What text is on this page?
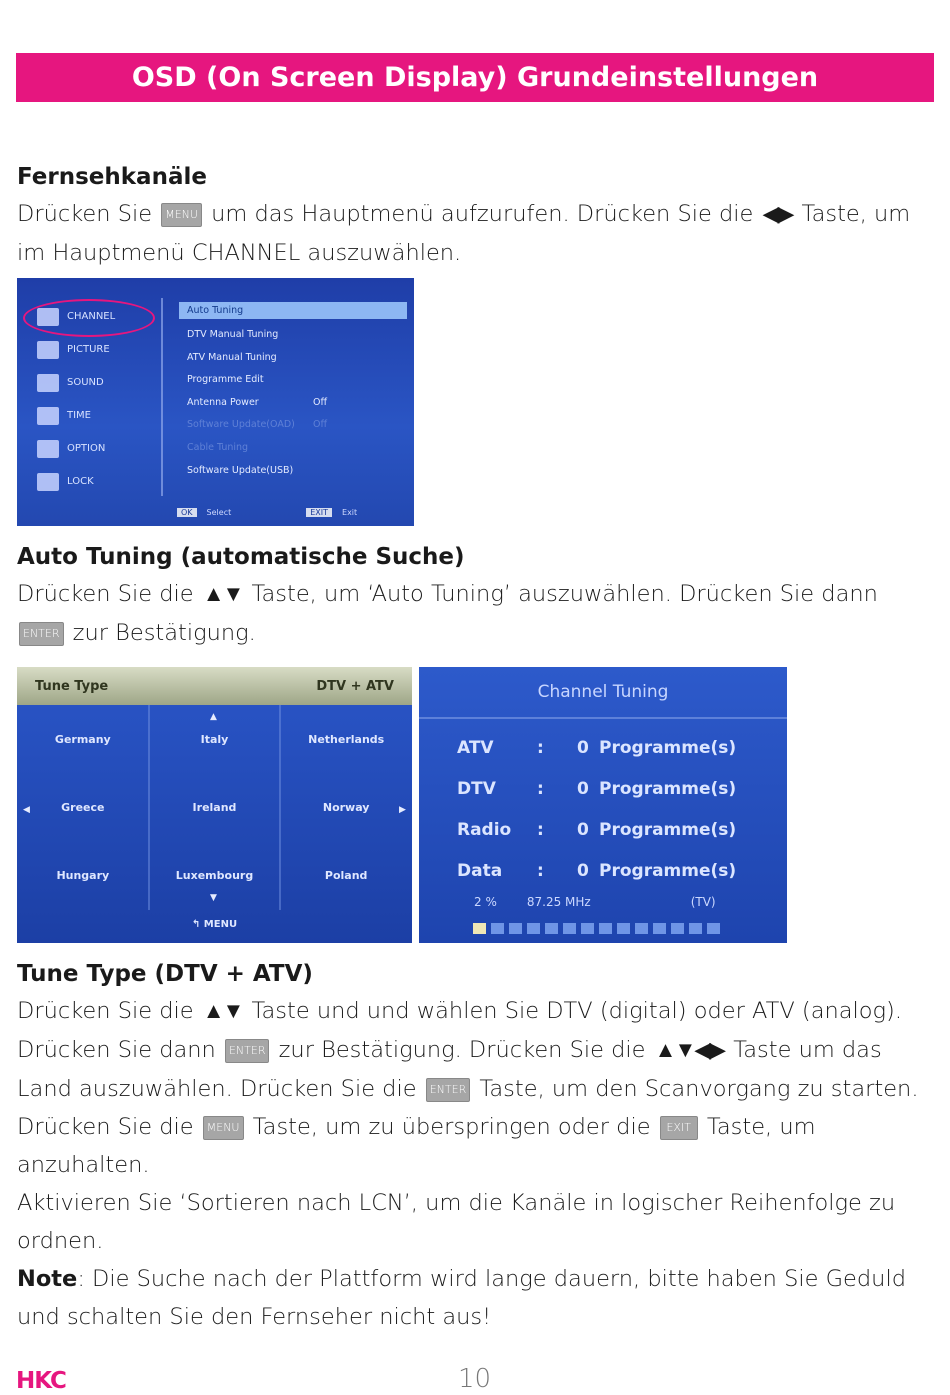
OSD (On Screen Display) Grundeinstellungen
Fernsehkanäle
Drücken Sie MENU um das Hauptmenü aufzurufen. Drücken Sie die ◀▶ Taste, um im Hauptmenü CHANNEL auszuwählen.
CHANNEL
PICTURE
SOUND
TIME
OPTION
LOCK
Auto Tuning
DTV Manual Tuning
ATV Manual Tuning
Programme Edit
Antenna Power	Off
Software Update(OAD) Off
Cable Tuning
Software Update(USB)
OK	Select	EXIT	Exit
Auto Tuning (automatische Suche)
Drücken Sie die ▲▼ Taste, um ‘Auto Tuning’ auszuwählen. Drücken Sie dann ENTER zur Bestätigung.
Tune Type	DTV + ATV
Germany	Italy	Netherlands
Greece	Ireland	Norway
Hungary	Luxembourg	Poland
▲
◀	▶
▼
↰ MENU
Channel Tuning
ATV	:	0 Programme(s)
DTV	:	0 Programme(s)
Radio	:	0 Programme(s)
Data	:	0 Programme(s)
2 %	87.25 MHz	(TV)
Tune Type (DTV + ATV)
Drücken Sie die ▲▼ Taste und und wählen Sie DTV (digital) oder ATV (analog).
Drücken Sie dann ENTER zur Bestätigung. Drücken Sie die ▲▼◀▶ Taste um das Land auszuwählen. Drücken Sie die ENTER Taste, um den Scanvorgang zu starten. Drücken Sie die MENU Taste, um zu überspringen oder die EXIT Taste, um anzuhalten.
Aktivieren Sie ‘Sortieren nach LCN’, um die Kanäle in logischer Reihenfolge zu ordnen.
Note: Die Suche nach der Plattform wird lange dauern, bitte haben Sie Geduld und schalten Sie den Fernseher nicht aus!
HKC	10
